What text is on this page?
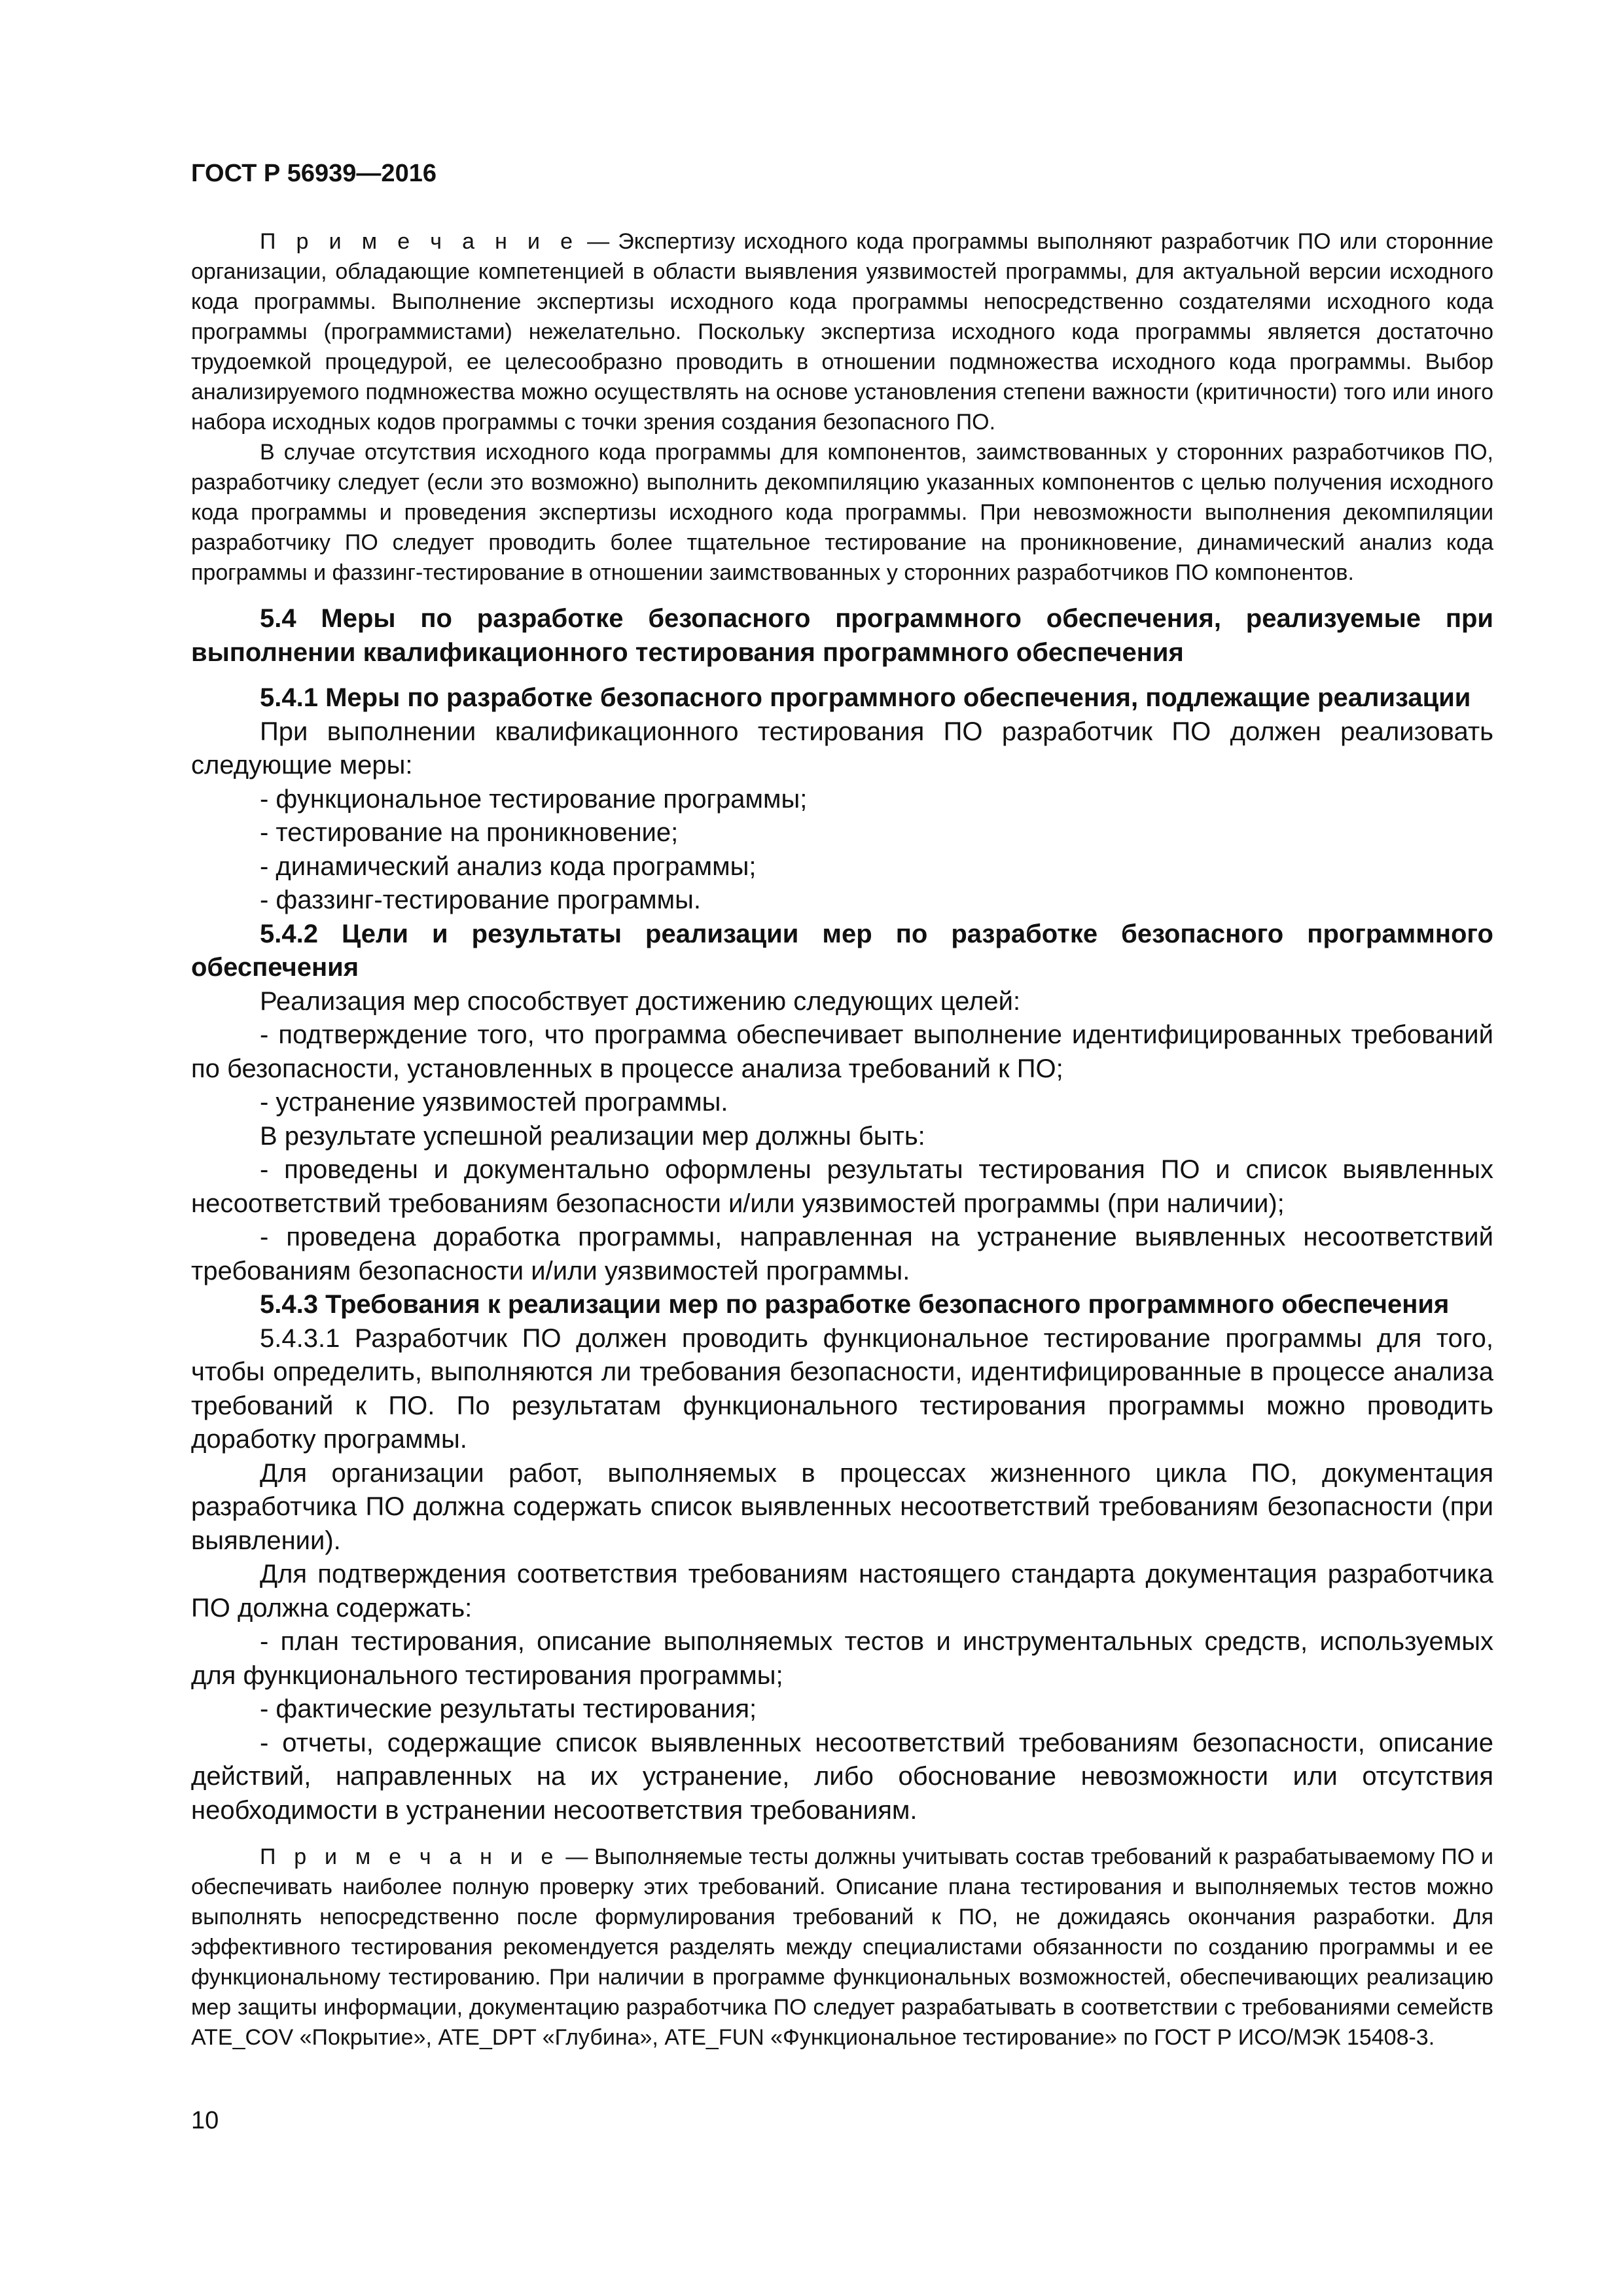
ГОСТ Р 56939—2016

П р и м е ч а н и е — Экспертизу исходного кода программы выполняют разработчик ПО или сторонние организации, обладающие компетенцией в области выявления уязвимостей программы, для актуальной версии исходного кода программы. Выполнение экспертизы исходного кода программы непосредственно создателями исходного кода программы (программистами) нежелательно. Поскольку экспертиза исходного кода программы является достаточно трудоемкой процедурой, ее целесообразно проводить в отношении подмножества исходного кода программы. Выбор анализируемого подмножества можно осуществлять на основе установления степени важности (критичности) того или иного набора исходных кодов программы с точки зрения создания безопасного ПО.

В случае отсутствия исходного кода программы для компонентов, заимствованных у сторонних разработчиков ПО, разработчику следует (если это возможно) выполнить декомпиляцию указанных компонентов с целью получения исходного кода программы и проведения экспертизы исходного кода программы. При невозможности выполнения декомпиляции разработчику ПО следует проводить более тщательное тестирование на проникновение, динамический анализ кода программы и фаззинг-тестирование в отношении заимствованных у сторонних разработчиков ПО компонентов.

5.4 Меры по разработке безопасного программного обеспечения, реализуемые при выполнении квалификационного тестирования программного обеспечения
5.4.1 Меры по разработке безопасного программного обеспечения, подлежащие реализации

При выполнении квалификационного тестирования ПО разработчик ПО должен реализовать следующие меры:

- функциональное тестирование программы;

- тестирование на проникновение;

- динамический анализ кода программы;

- фаззинг-тестирование программы.

5.4.2 Цели и результаты реализации мер по разработке безопасного программного обеспечения

Реализация мер способствует достижению следующих целей:

- подтверждение того, что программа обеспечивает выполнение идентифицированных требований по безопасности, установленных в процессе анализа требований к ПО;

- устранение уязвимостей программы.

В результате успешной реализации мер должны быть:

- проведены и документально оформлены результаты тестирования ПО и список выявленных несоответствий требованиям безопасности и/или уязвимостей программы (при наличии);

- проведена доработка программы, направленная на устранение выявленных несоответствий требованиям безопасности и/или уязвимостей программы.

5.4.3 Требования к реализации мер по разработке безопасного программного обеспечения

5.4.3.1 Разработчик ПО должен проводить функциональное тестирование программы для того, чтобы определить, выполняются ли требования безопасности, идентифицированные в процессе анализа требований к ПО. По результатам функционального тестирования программы можно проводить доработку программы.

Для организации работ, выполняемых в процессах жизненного цикла ПО, документация разработчика ПО должна содержать список выявленных несоответствий требованиям безопасности (при выявлении).

Для подтверждения соответствия требованиям настоящего стандарта документация разработчика ПО должна содержать:

- план тестирования, описание выполняемых тестов и инструментальных средств, используемых для функционального тестирования программы;

- фактические результаты тестирования;

- отчеты, содержащие список выявленных несоответствий требованиям безопасности, описание действий, направленных на их устранение, либо обоснование невозможности или отсутствия необходимости в устранении несоответствия требованиям.

П р и м е ч а н и е — Выполняемые тесты должны учитывать состав требований к разрабатываемому ПО и обеспечивать наиболее полную проверку этих требований. Описание плана тестирования и выполняемых тестов можно выполнять непосредственно после формулирования требований к ПО, не дожидаясь окончания разработки. Для эффективного тестирования рекомендуется разделять между специалистами обязанности по созданию программы и ее функциональному тестированию. При наличии в программе функциональных возможностей, обеспечивающих реализацию мер защиты информации, документацию разработчика ПО следует разрабатывать в соответствии с требованиями семейств ATE_COV «Покрытие», ATE_DPT «Глубина», ATE_FUN «Функциональное тестирование» по ГОСТ Р ИСО/МЭК 15408-3.

10
